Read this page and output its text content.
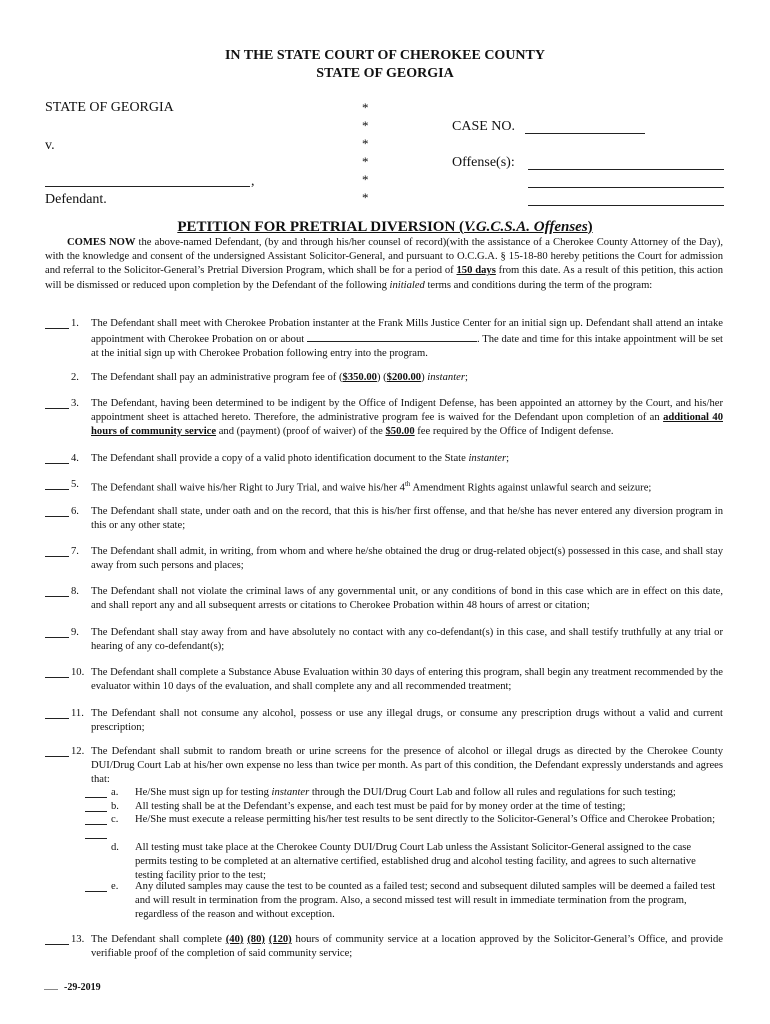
IN THE STATE COURT OF CHEROKEE COUNTY
STATE OF GEORGIA
STATE OF GEORGIA
v.
,
Defendant.
*
*
*
*
*
*
CASE NO.
Offense(s):
PETITION FOR PRETRIAL DIVERSION (V.G.C.S.A. Offenses)
COMES NOW the above-named Defendant, (by and through his/her counsel of record)(with the assistance of a Cherokee County Attorney of the Day), with the knowledge and consent of the undersigned Assistant Solicitor-General, and pursuant to O.C.G.A. § 15-18-80 hereby petitions the Court for admission and referral to the Solicitor-General’s Pretrial Diversion Program, which shall be for a period of 150 days from this date. As a result of this petition, this action will be dismissed or reduced upon completion by the Defendant of the following initialed terms and conditions during the term of the program:
1.	The Defendant shall meet with Cherokee Probation instanter at the Frank Mills Justice Center for an initial sign up. Defendant shall attend an intake appointment with Cherokee Probation on or about	. The date and time for this intake appointment will be set at the initial sign up with Cherokee Probation following entry into the program.
2.	The Defendant shall pay an administrative program fee of ($350.00) ($200.00) instanter;
3.	The Defendant, having been determined to be indigent by the Office of Indigent Defense, has been appointed an attorney by the Court, and his/her appointment sheet is attached hereto. Therefore, the administrative program fee is waived for the Defendant upon completion of an additional 40 hours of community service and (payment) (proof of waiver) of the $50.00 fee required by the Office of Indigent defense.
4.	The Defendant shall provide a copy of a valid photo identification document to the State instanter;
5.	The Defendant shall waive his/her Right to Jury Trial, and waive his/her 4th Amendment Rights against unlawful search and seizure;
6.	The Defendant shall state, under oath and on the record, that this is his/her first offense, and that he/she has never entered any diversion program in this or any other state;
7.	The Defendant shall admit, in writing, from whom and where he/she obtained the drug or drug-related object(s) possessed in this case, and shall stay away from such persons and places;
8.	The Defendant shall not violate the criminal laws of any governmental unit, or any conditions of bond in this case which are in effect on this date, and shall report any and all subsequent arrests or citations to Cherokee Probation within 48 hours of arrest or citation;
9.	The Defendant shall stay away from and have absolutely no contact with any co-defendant(s) in this case, and shall testify truthfully at any trial or hearing of any co-defendant(s);
10. The Defendant shall complete a Substance Abuse Evaluation within 30 days of entering this program, shall begin any treatment recommended by the evaluator within 10 days of the evaluation, and shall complete any and all recommended treatment;
11. The Defendant shall not consume any alcohol, possess or use any illegal drugs, or consume any prescription drugs without a valid and current prescription;
12. The Defendant shall submit to random breath or urine screens for the presence of alcohol or illegal drugs as directed by the Cherokee County DUI/Drug Court Lab at his/her own expense no less than twice per month. As part of this condition, the Defendant expressly understands and agrees that:
a.	He/She must sign up for testing instanter through the DUI/Drug Court Lab and follow all rules and regulations for such testing;
b.	All testing shall be at the Defendant’s expense, and each test must be paid for by money order at the time of testing;
c.	He/She must execute a release permitting his/her test results to be sent directly to the Solicitor-General’s Office and Cherokee Probation;
d.	All testing must take place at the Cherokee County DUI/Drug Court Lab unless the Assistant Solicitor-General assigned to the case permits testing to be completed at an alternative certified, established drug and alcohol testing facility, and agrees to such alternative testing facility prior to the test;
e.	Any diluted samples may cause the test to be counted as a failed test; second and subsequent diluted samples will be deemed a failed test and will result in termination from the program. Also, a second missed test will result in immediate termination from the program, regardless of the reason and without exception.
13. The Defendant shall complete (40) (80) (120) hours of community service at a location approved by the Solicitor-General’s Office, and provide verifiable proof of the completion of said community service;
-29-2019
